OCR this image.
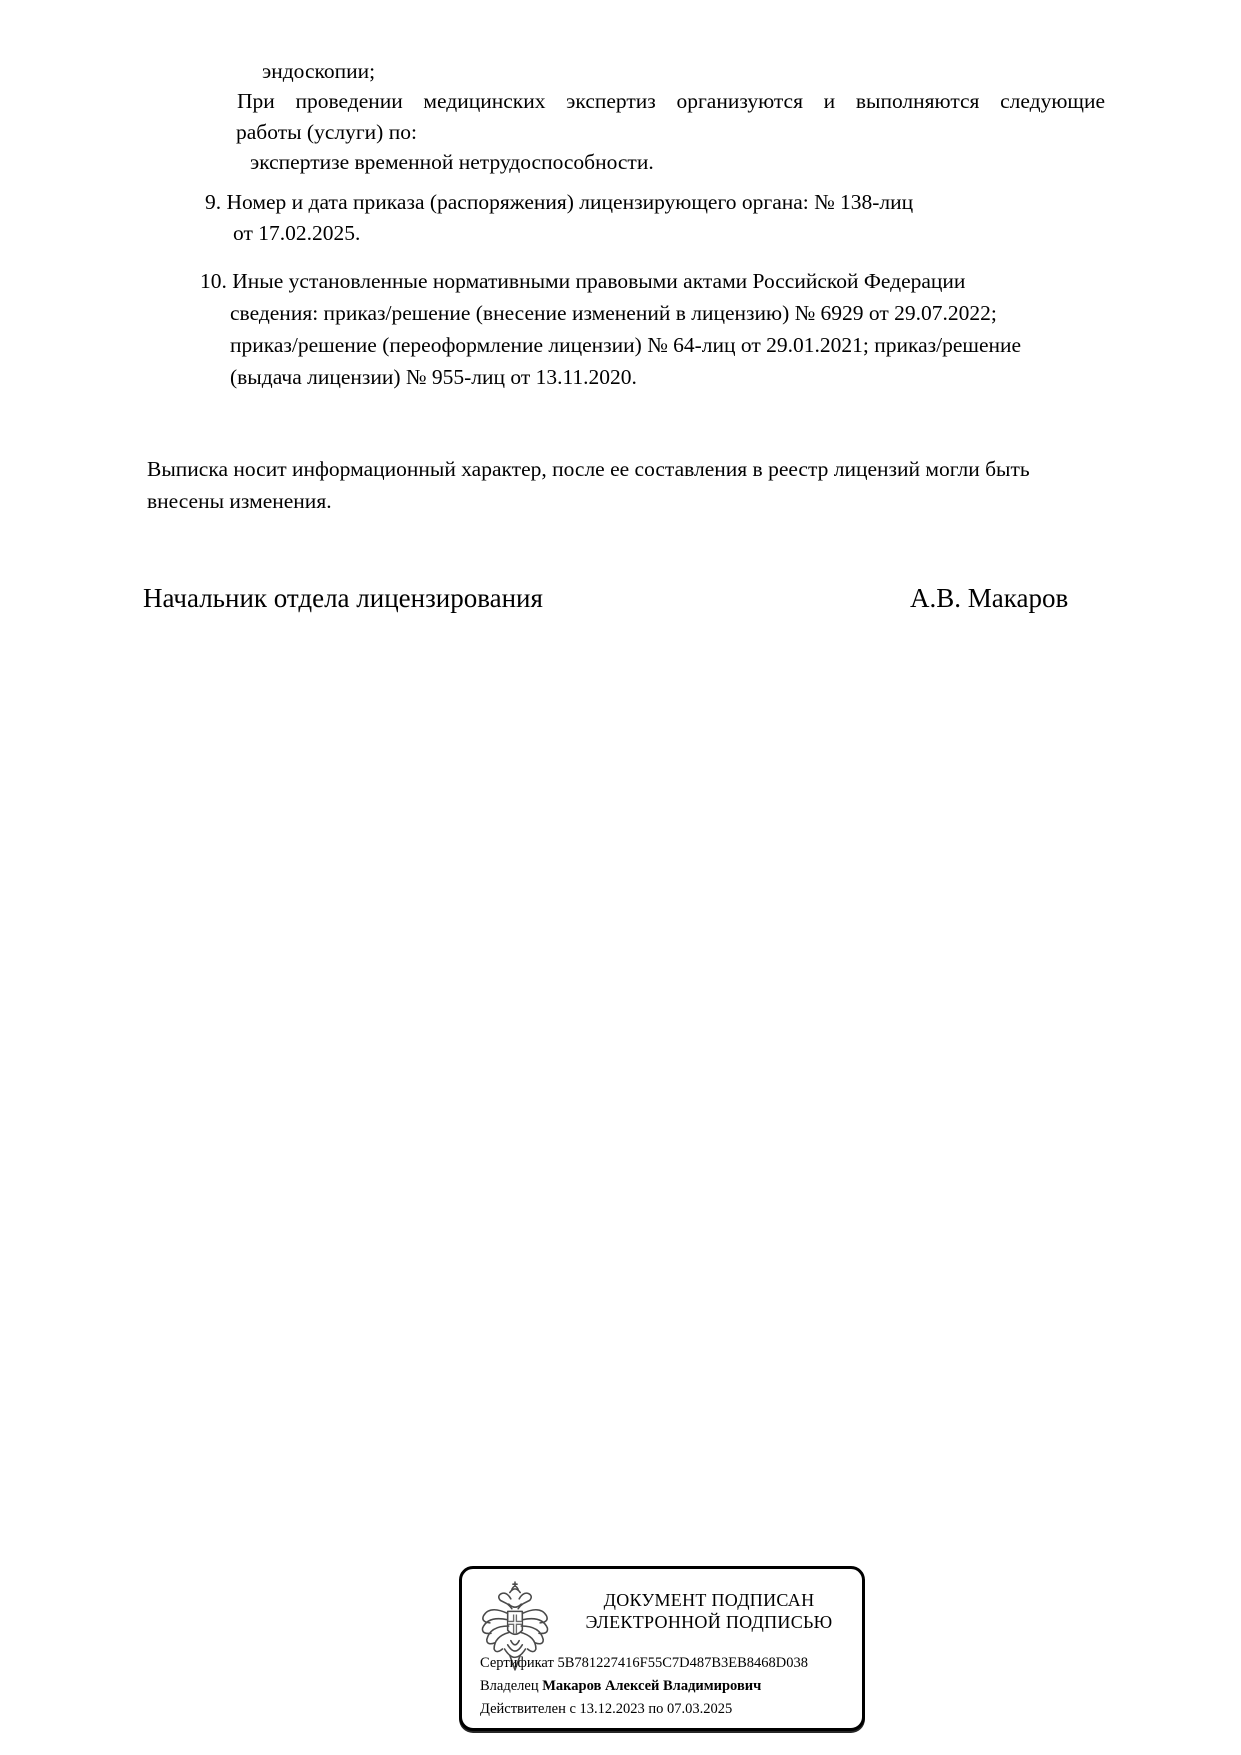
эндоскопии;
При проведении медицинских экспертиз организуются и выполняются следующие
работы (услуги) по:
экспертизе временной нетрудоспособности.
9. Номер и дата приказа (распоряжения) лицензирующего органа: № 138-лиц
от 17.02.2025.
10. Иные установленные нормативными правовыми актами Российской Федерации
сведения: приказ/решение (внесение изменений в лицензию) № 6929 от 29.07.2022;
приказ/решение (переоформление лицензии) № 64-лиц от 29.01.2021; приказ/решение
(выдача лицензии) № 955-лиц от 13.11.2020.
Выписка носит информационный характер, после ее составления в реестр лицензий могли быть
внесены изменения.
Начальник отдела лицензирования	А.В. Макаров
ДОКУМЕНТ ПОДПИСАН
ЭЛЕКТРОННОЙ ПОДПИСЬЮ
Сертификат 5B781227416F55C7D487B3EB8468D038
Владелец Макаров Алексей Владимирович
Действителен с 13.12.2023 по 07.03.2025
